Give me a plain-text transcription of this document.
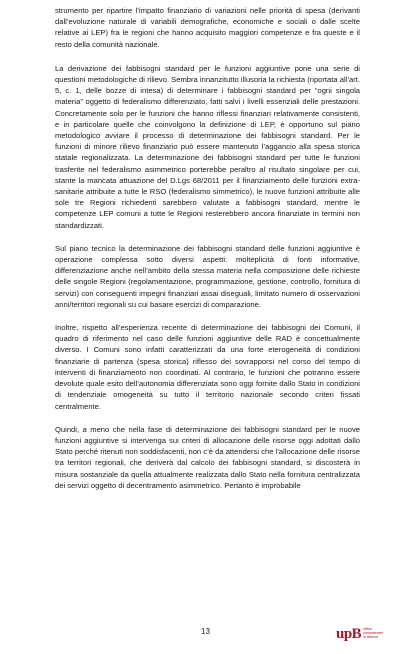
strumento per ripartire l’impatto finanziario di variazioni nelle priorità di spesa (derivanti dall’evoluzione naturale di variabili demografiche, economiche e sociali o dalle scelte relative ai LEP) fra le regioni che hanno acquisito maggiori competenze e fra queste e il resto della comunità nazionale.

La derivazione dei fabbisogni standard per le funzioni aggiuntive pone una serie di questioni metodologiche di rilievo. Sembra innanzitutto illusoria la richiesta (riportata all’art. 5, c. 1, delle bozze di intesa) di determinare i fabbisogni standard per “ogni singola materia” oggetto di federalismo differenziato, fatti salvi i livelli essenziali delle prestazioni. Concretamente solo per le funzioni che hanno riflessi finanziari relativamente consistenti, e in particolare quelle che coinvolgono la definizione di LEP, è opportuno sul piano metodologico avviare il processo di determinazione dei fabbisogni standard. Per le funzioni di minore rilievo finanziario può essere mantenuto l’aggancio alla spesa storica statale regionalizzata. La determinazione dei fabbisogni standard per tutte le funzioni trasferite nel federalismo asimmetrico porterebbe peraltro al risultato singolare per cui, stante la mancata attuazione del D.Lgs 68/2011 per il finanziamento delle funzioni extra-sanitarie attribuite a tutte le RSO (federalismo simmetrico), le nuove funzioni attribuite alle sole tre Regioni richiedenti sarebbero valutate a fabbisogni standard, mentre le competenze LEP comuni a tutte le Regioni resterebbero ancora finanziate in termini non standardizzati.

Sul piano tecnico la determinazione dei fabbisogni standard delle funzioni aggiuntive è operazione complessa sotto diversi aspetti: molteplicità di fonti informative, differenziazione anche nell’ambito della stessa materia nella composizione delle richieste delle singole Regioni (regolamentazione, programmazione, gestione, controllo, fornitura di servizi) con conseguenti impegni finanziari assai diseguali, limitato numero di osservazioni anni/territori regionali su cui basare esercizi di comparazione.

Inoltre, rispetto all’esperienza recente di determinazione dei fabbisogni dei Comuni, il quadro di riferimento nel caso delle funzioni aggiuntive delle RAD è concettualmente diverso. I Comuni sono infatti caratterizzati da una forte eterogeneità di condizioni finanziarie di partenza (spesa storica) riflesso dei sovrapporsi nel corso del tempo di interventi di finanziamento non coordinati. Al contrario, le funzioni che potranno essere devolute quale esito dell’autonomia differenziata sono oggi fornite dallo Stato in condizioni di tendenziale omogeneità su tutto il territorio nazionale secondo criteri fissati centralmente.

Quindi, a meno che nella fase di determinazione dei fabbisogni standard per le nuove funzioni aggiuntive si intervenga sui criteri di allocazione delle risorse oggi adottati dallo Stato perché ritenuti non soddisfacenti, non c’è da attendersi che l’allocazione delle risorse tra territori regionali, che deriverà dal calcolo dei fabbisogni standard, si discosterà in misura sostanziale da quella attualmente realizzata dallo Stato nella fornitura centralizzata dei servizi oggetto di decentramento asimmetrico. Pertanto è improbabile

13	upB ufficio
parlamentare
di bilancio
